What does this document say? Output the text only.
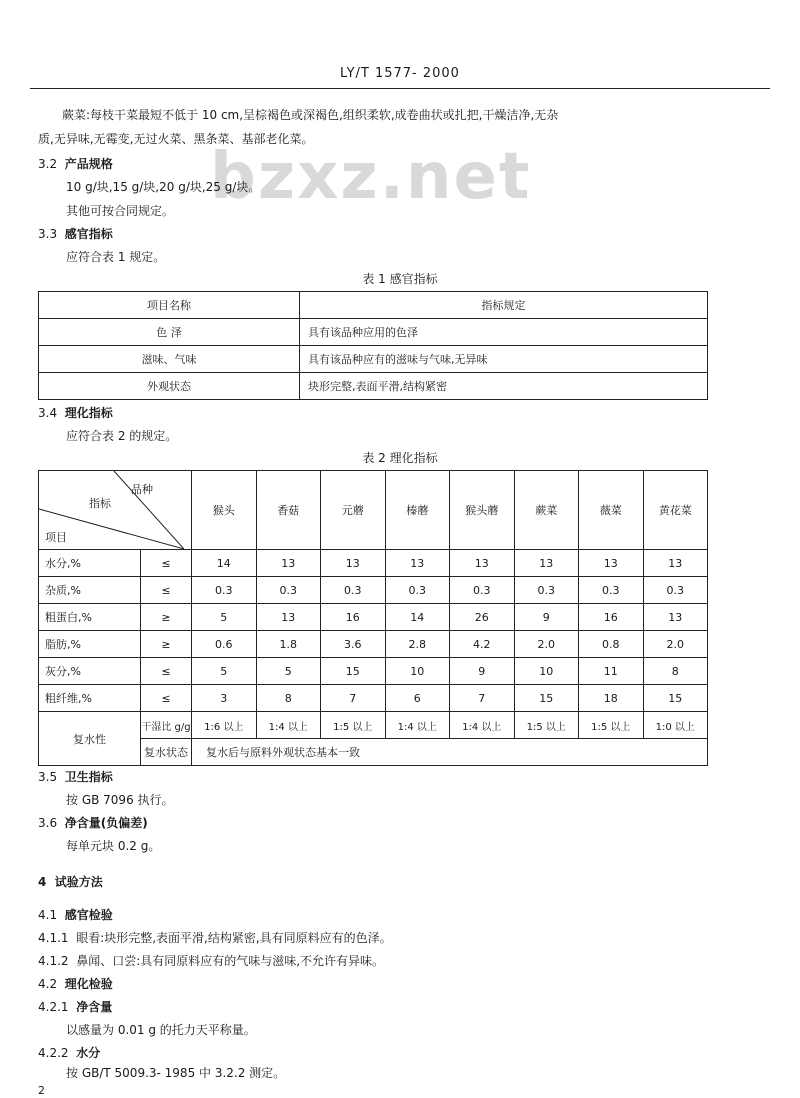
LY/T 1577- 2000
bzxz.net
蕨菜:每枝干菜最短不低于 10 cm,呈棕褐色或深褐色,组织柔软,成卷曲状或扎把,干燥洁净,无杂
质,无异味,无霉变,无过火菜、黑条菜、基部老化菜。
3.2 产品规格
10 g/块,15 g/块,20 g/块,25 g/块。
其他可按合同规定。
3.3 感官指标
应符合表 1 规定。
表 1 感官指标
项目名称	指标规定
色 泽	具有该品种应用的色泽
滋味、气味	具有该品种应有的滋味与气味,无异味
外观状态	块形完整,表面平滑,结构紧密
3.4 理化指标
应符合表 2 的规定。
表 2 理化指标
品种
指标
项目		猴头	香菇	元蘑	榛蘑	猴头蘑	蕨菜	薇菜	黄花菜
水分,%	≤	14	13	13	13	13	13	13	13
杂质,%	≤	0.3	0.3	0.3	0.3	0.3	0.3	0.3	0.3
粗蛋白,%	≥	5	13	16	14	26	9	16	13
脂肪,%	≥	0.6	1.8	3.6	2.8	4.2	2.0	0.8	2.0
灰分,%	≤	5	5	15	10	9	10	11	8
粗纤维,%	≤	3	8	7	6	7	15	18	15
复水性	干湿比 g/g	1:6 以上	1:4 以上	1:5 以上	1:4 以上	1:4 以上	1:5 以上	1:5 以上	1:0 以上
	复水状态	复水后与原料外观状态基本一致							
3.5 卫生指标
按 GB 7096 执行。
3.6 净含量(负偏差)
每单元块 0.2 g。
4 试验方法
4.1 感官检验
4.1.1 眼看:块形完整,表面平滑,结构紧密,具有同原料应有的色泽。
4.1.2 鼻闻、口尝:具有同原料应有的气味与滋味,不允许有异味。
4.2 理化检验
4.2.1 净含量
以感量为 0.01 g 的托力天平称量。
4.2.2 水分
按 GB/T 5009.3- 1985 中 3.2.2 测定。
2
